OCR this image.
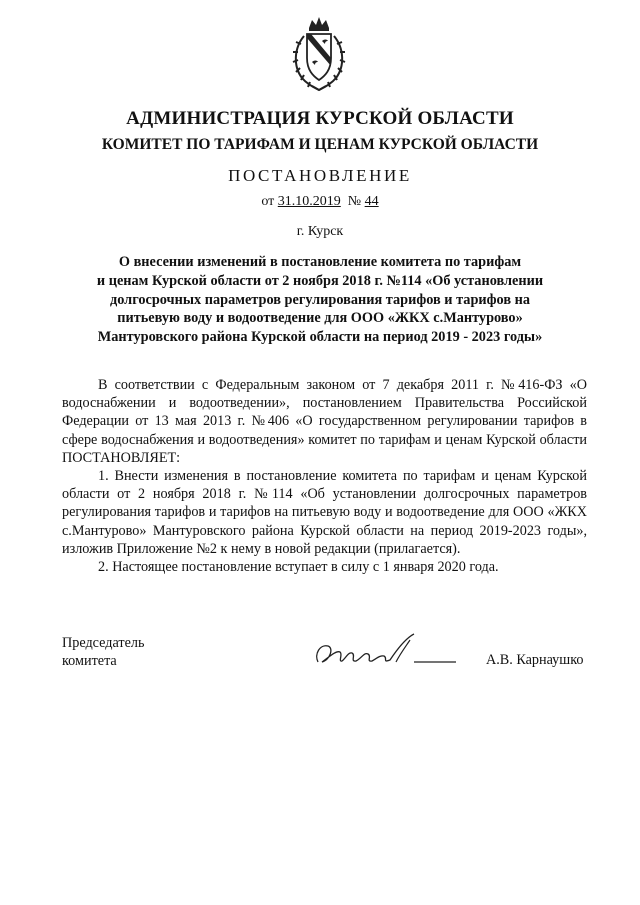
АДМИНИСТРАЦИЯ КУРСКОЙ ОБЛАСТИ
КОМИТЕТ ПО ТАРИФАМ И ЦЕНАМ КУРСКОЙ ОБЛАСТИ
ПОСТАНОВЛЕНИЕ
от 31.10.2019 № 44
г. Курск
О внесении изменений в постановление комитета по тарифам
и ценам Курской области от 2 ноября 2018 г. №114 «Об установлении
долгосрочных параметров регулирования тарифов и тарифов на
питьевую воду и водоотведение для ООО «ЖКХ с.Мантурово»
Мантуровского района Курской области на период 2019 - 2023 годы»

В соответствии с Федеральным законом от 7 декабря 2011 г. №416-ФЗ «О водоснабжении и водоотведении», постановлением Правительства Российской Федерации от 13 мая 2013 г. №406 «О государственном регулировании тарифов в сфере водоснабжения и водоотведения» комитет по тарифам и ценам Курской области ПОСТАНОВЛЯЕТ:

1. Внести изменения в постановление комитета по тарифам и ценам Курской области от 2 ноября 2018 г. №114 «Об установлении долгосрочных параметров регулирования тарифов и тарифов на питьевую воду и водоотведение для ООО «ЖКХ с.Мантурово» Мантуровского района Курской области на период 2019-2023 годы», изложив Приложение №2 к нему в новой редакции (прилагается).

2. Настоящее постановление вступает в силу с 1 января 2020 года.

Председатель
комитета	А.В. Карнаушко
